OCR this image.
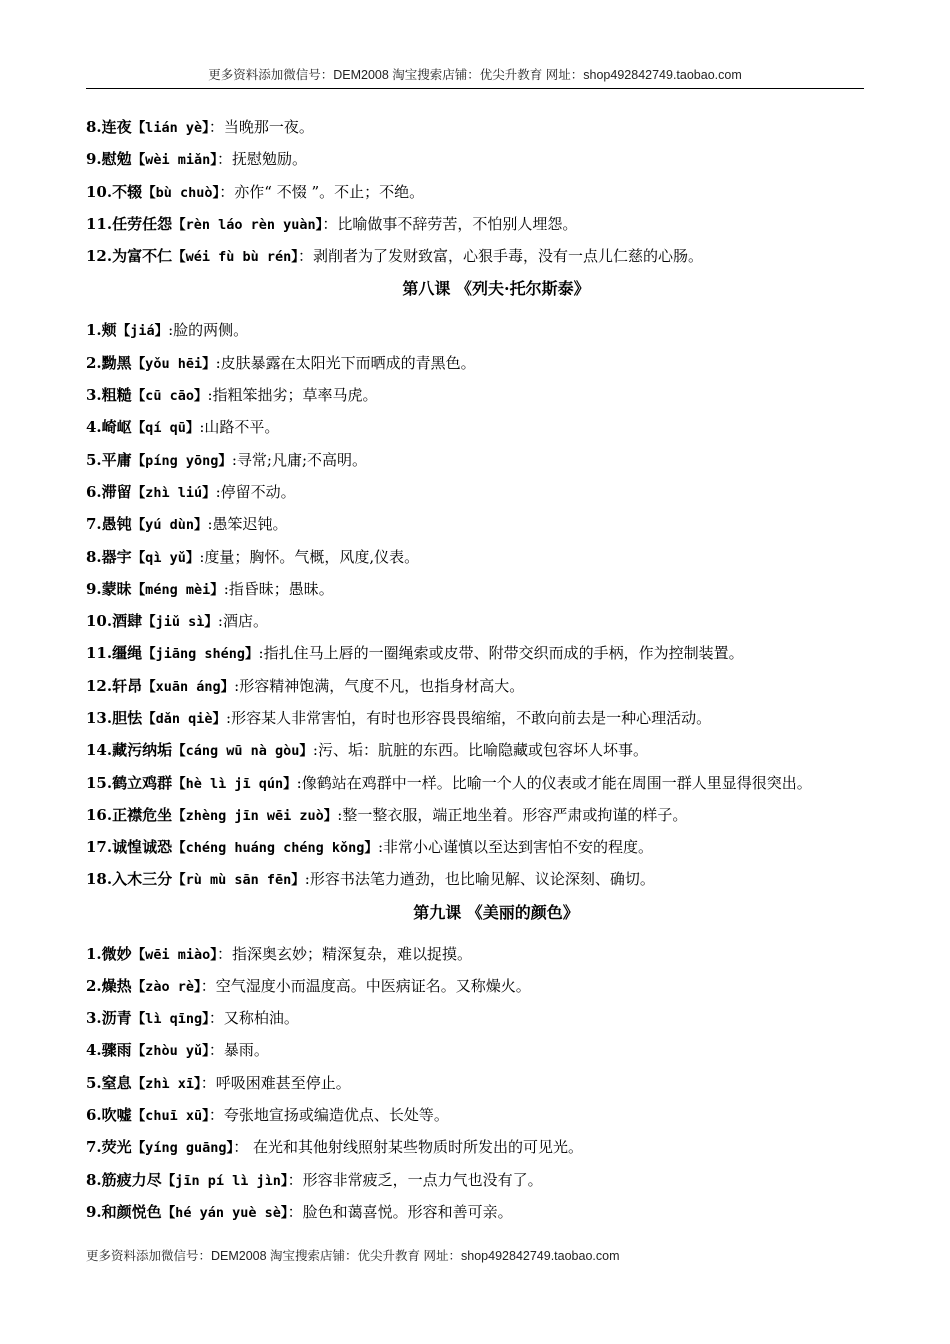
更多资料添加微信号：DEM2008 淘宝搜索店铺：优尖升教育 网址：shop492842749.taobao.com
8.连夜【lián yè】：当晚那一夜。
9.慰勉【wèi miǎn】：抚慰勉励。
10.不辍【bù chuò】：亦作“ 不惙 ”。不止；不绝。
11.任劳任怨【rèn láo rèn yuàn】：比喻做事不辞劳苦，不怕别人埋怨。
12.为富不仁【wéi fù bù rén】：剥削者为了发财致富，心狠手毒，没有一点儿仁慈的心肠。
第八课 《列夫·托尔斯泰》
1.颊【jiá】:脸的两侧。
2.黝黑【yǒu hēi】:皮肤暴露在太阳光下而晒成的青黑色。
3.粗糙【cū cāo】:指粗笨拙劣；草率马虎。
4.崎岖【qí qū】:山路不平。
5.平庸【píng yōng】:寻常;凡庸;不高明。
6.滞留【zhì liú】:停留不动。
7.愚钝【yú dùn】:愚笨迟钝。
8.器宇【qì yǔ】:度量；胸怀。气概，风度,仪表。
9.蒙昧【méng mèi】:指昏昧；愚昧。
10.酒肆【jiǔ sì】:酒店。
11.缰绳【jiāng shéng】:指扎住马上唇的一圈绳索或皮带、附带交织而成的手柄，作为控制装置。
12.轩昂【xuān áng】:形容精神饱满，气度不凡，也指身材高大。
13.胆怯【dǎn qiè】:形容某人非常害怕，有时也形容畏畏缩缩，不敢向前去是一种心理活动。
14.藏污纳垢【cáng wū nà gòu】:污、垢：肮脏的东西。比喻隐藏或包容坏人坏事。
15.鹤立鸡群【hè lì jī qún】:像鹤站在鸡群中一样。比喻一个人的仪表或才能在周围一群人里显得很突出。
16.正襟危坐【zhèng jīn wēi zuò】:整一整衣服，端正地坐着。形容严肃或拘谨的样子。
17.诚惶诚恐【chéng huáng chéng kǒng】:非常小心谨慎以至达到害怕不安的程度。
18.入木三分【rù mù sān fēn】:形容书法笔力遒劲，也比喻见解、议论深刻、确切。
第九课 《美丽的颜色》
1.微妙【wēi miào】：指深奥玄妙；精深复杂，难以捉摸。
2.燥热【zào rè】：空气湿度小而温度高。中医病证名。又称燥火。
3.沥青【lì qīng】：又称柏油。
4.骤雨【zhòu yǔ】：暴雨。
5.窒息【zhì xī】：呼吸困难甚至停止。
6.吹嘘【chuī xū】：夸张地宣扬或编造优点、长处等。
7.荧光【yíng guāng】： 在光和其他射线照射某些物质时所发出的可见光。
8.筋疲力尽【jīn pí lì jìn】：形容非常疲乏，一点力气也没有了。
9.和颜悦色【hé yán yuè sè】：脸色和蔼喜悦。形容和善可亲。
更多资料添加微信号：DEM2008 淘宝搜索店铺：优尖升教育 网址：shop492842749.taobao.com
